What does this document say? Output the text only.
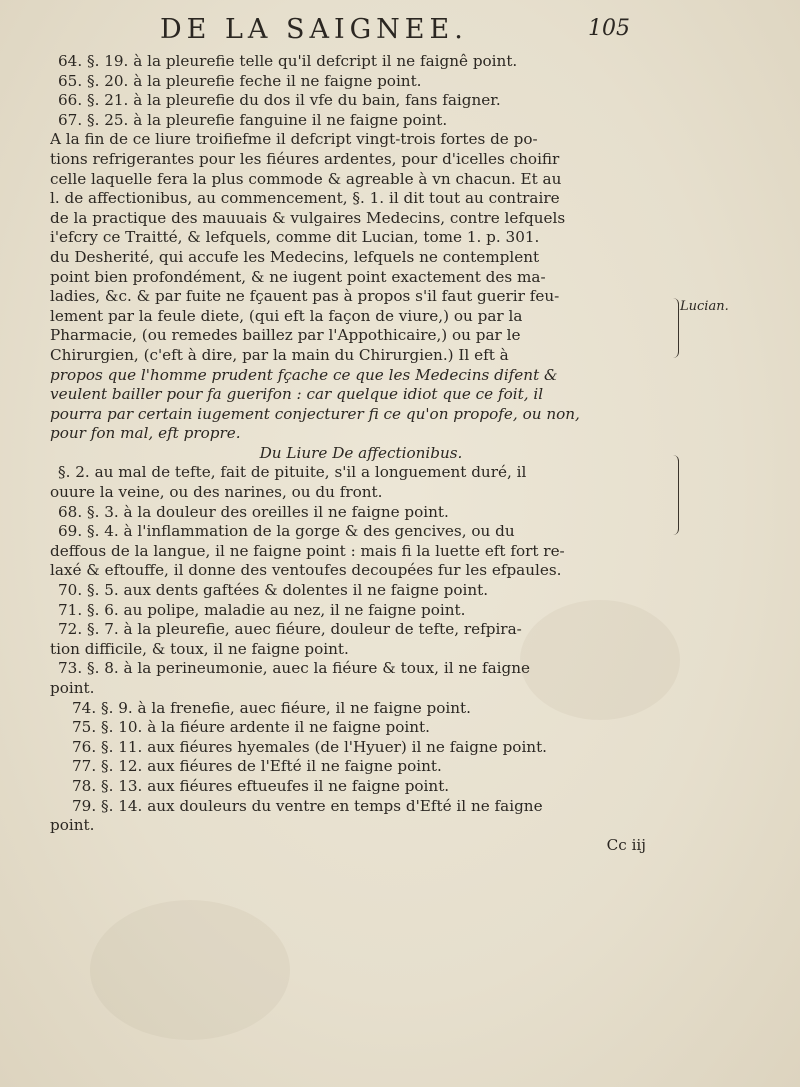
DE LA SAIGNEE.	105
64. §. 19. à la pleurefie telle qu'il defcript il ne faignê point.
65. §. 20. à la pleurefie feche il ne faigne point.
66. §. 21. à la pleurefie du dos il vfe du bain, fans faigner.
67. §. 25. à la pleurefie fanguine il ne faigne point.
A la fin de ce liure troifiefme il defcript vingt-trois fortes de po-
tions refrigerantes pour les fiéures ardentes, pour d'icelles choifir
celle laquelle fera la plus commode & agreable à vn chacun. Et au
l. de affectionibus, au commencement, §. 1. il dit tout au contraire
de la practique des mauuais & vulgaires Medecins, contre lefquels
i'efcry ce Traitté, & lefquels, comme dit Lucian, tome 1. p. 301.
du Desherité, qui accufe les Medecins, lefquels ne contemplent
point bien profondément, & ne iugent point exactement des ma-
ladies, &c. & par fuite ne fçauent pas à propos s'il faut guerir feu-
lement par la feule diete, (qui eft la façon de viure,) ou par la
Pharmacie, (ou remedes baillez par l'Appothicaire,) ou par le
Chirurgien, (c'eft à dire, par la main du Chirurgien.) Il eft à
propos que l'homme prudent fçache ce que les Medecins difent &
veulent bailler pour fa guerifon : car quelque idiot que ce foit, il
pourra par certain iugement conjecturer fi ce qu'on propofe, ou non,
pour fon mal, eft propre.
Du Liure De affectionibus.
§. 2. au mal de tefte, fait de pituite, s'il a longuement duré, il
ouure la veine, ou des narines, ou du front.
68. §. 3. à la douleur des oreilles il ne faigne point.
69. §. 4. à l'inflammation de la gorge & des gencives, ou du
deffous de la langue, il ne faigne point : mais fi la luette eft fort re-
laxé & eftouffe, il donne des ventoufes decoupées fur les efpaules.
70. §. 5. aux dents gaftées & dolentes il ne faigne point.
71. §. 6. au polipe, maladie au nez, il ne faigne point.
72. §. 7. à la pleurefie, auec fiéure, douleur de tefte, refpira-
tion difficile, & toux, il ne faigne point.
73. §. 8. à la perineumonie, auec la fiéure & toux, il ne faigne
point.
74. §. 9. à la frenefie, auec fiéure, il ne faigne point.
75. §. 10. à la fiéure ardente il ne faigne point.
76. §. 11. aux fiéures hyemales (de l'Hyuer) il ne faigne point.
77. §. 12. aux fiéures de l'Efté il ne faigne point.
78. §. 13. aux fiéures eftueufes il ne faigne point.
79. §. 14. aux douleurs du ventre en temps d'Efté il ne faigne
point.
Cc iij
Lucian.
